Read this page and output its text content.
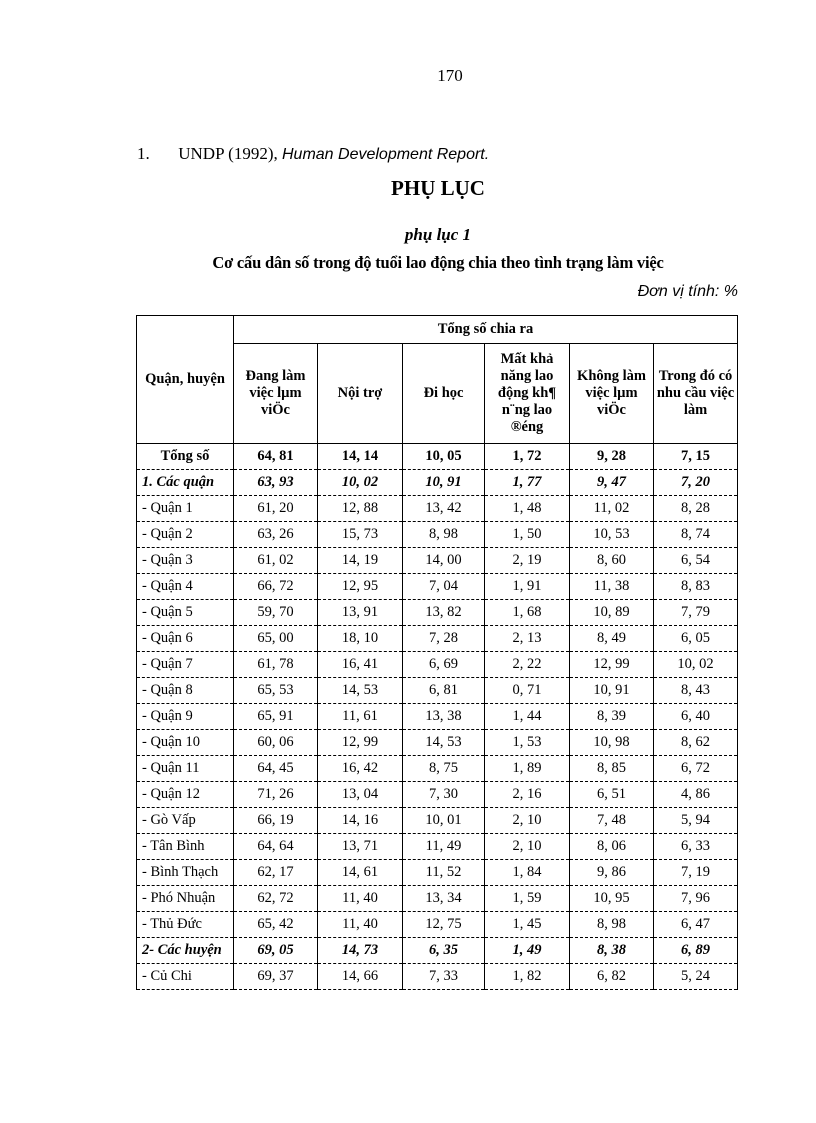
170
1. UNDP (1992), Human Development Report.
PHỤ LỤC
phụ lục 1
Cơ cấu dân số trong độ tuổi lao động chia theo tình trạng làm việc
Đơn vị tính: %
Quận, huyện	Tổng số chia ra					
	Đang làm việc lµm viÖc	Nội trợ	Đi học	Mất khả năng lao động kh¶ n¨ng lao ®éng	Không làm việc lµm viÖc	Trong đó có nhu cầu việc làm
Tổng số	64, 81	14, 14	10, 05	1, 72	9, 28	7, 15
1. Các quận	63, 93	10, 02	10, 91	1, 77	9, 47	7, 20
- Quận 1	61, 20	12, 88	13, 42	1, 48	11, 02	8, 28
- Quận 2	63, 26	15, 73	8, 98	1, 50	10, 53	8, 74
- Quận 3	61, 02	14, 19	14, 00	2, 19	8, 60	6, 54
- Quận 4	66, 72	12, 95	7, 04	1, 91	11, 38	8, 83
- Quận 5	59, 70	13, 91	13, 82	1, 68	10, 89	7, 79
- Quận 6	65, 00	18, 10	7, 28	2, 13	8, 49	6, 05
- Quận 7	61, 78	16, 41	6, 69	2, 22	12, 99	10, 02
- Quận 8	65, 53	14, 53	6, 81	0, 71	10, 91	8, 43
- Quận 9	65, 91	11, 61	13, 38	1, 44	8, 39	6, 40
- Quận 10	60, 06	12, 99	14, 53	1, 53	10, 98	8, 62
- Quận 11	64, 45	16, 42	8, 75	1, 89	8, 85	6, 72
- Quận 12	71, 26	13, 04	7, 30	2, 16	6, 51	4, 86
- Gò Vấp	66, 19	14, 16	10, 01	2, 10	7, 48	5, 94
- Tân Bình	64, 64	13, 71	11, 49	2, 10	8, 06	6, 33
- Bình Thạch	62, 17	14, 61	11, 52	1, 84	9, 86	7, 19
- Phó Nhuận	62, 72	11, 40	13, 34	1, 59	10, 95	7, 96
- Thủ Đức	65, 42	11, 40	12, 75	1, 45	8, 98	6, 47
2- Các huyện	69, 05	14, 73	6, 35	1, 49	8, 38	6, 89
- Củ Chi	69, 37	14, 66	7, 33	1, 82	6, 82	5, 24
